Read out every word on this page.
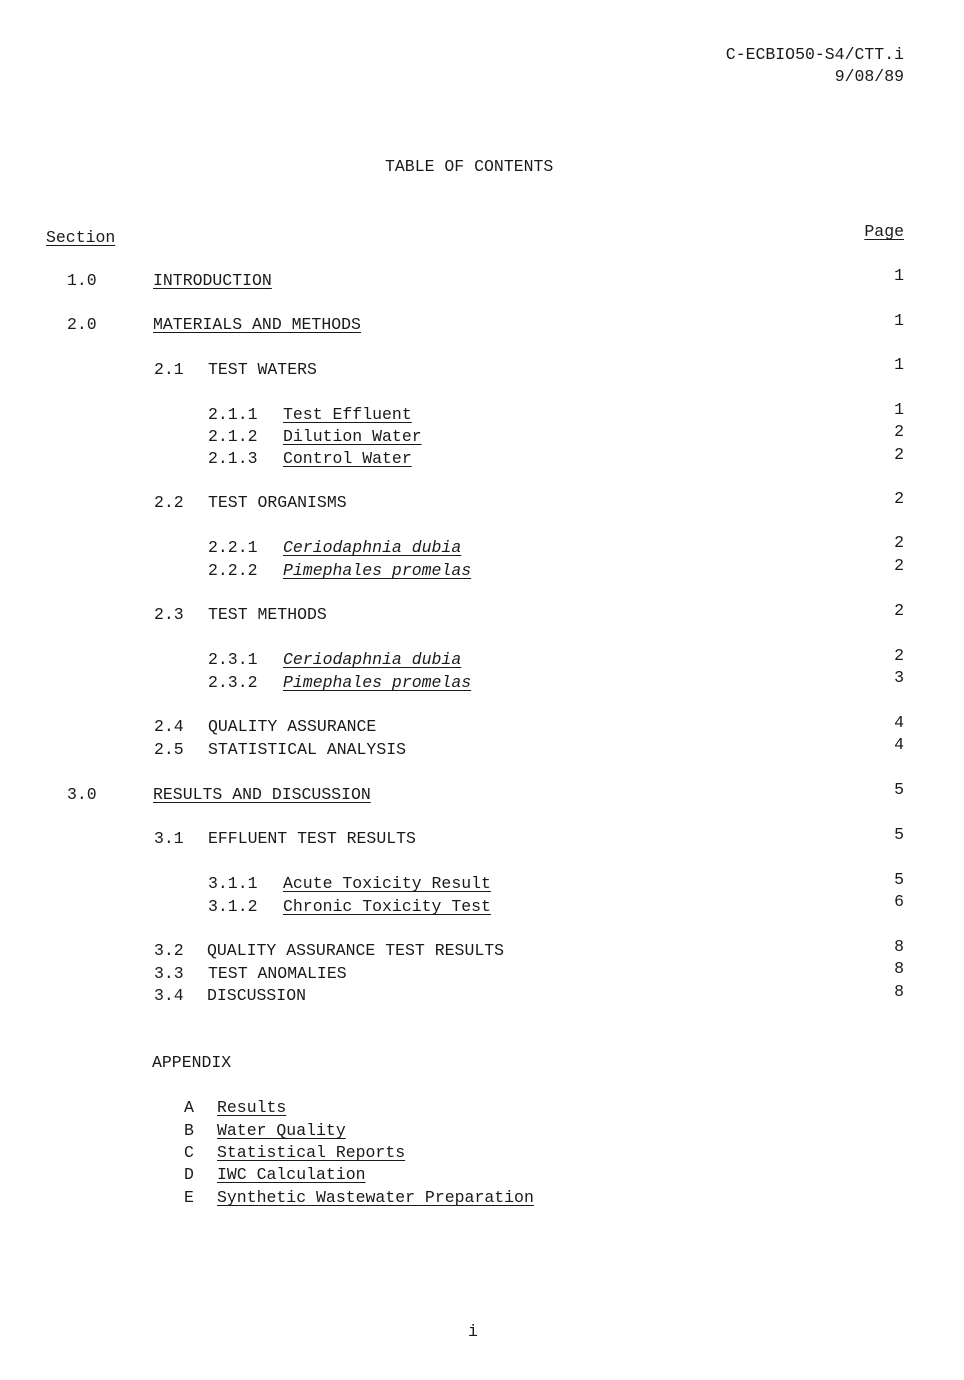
C-ECBIO50-S4/CTT.i
9/08/89
TABLE OF CONTENTS
Section	Page
1.0	INTRODUCTION	1
2.0	MATERIALS AND METHODS	1
2.1 TEST WATERS	1
2.1.1 Test Effluent	1
2.1.2 Dilution Water	2
2.1.3 Control Water	2
2.2 TEST ORGANISMS	2
2.2.1 Ceriodaphnia dubia	2
2.2.2 Pimephales promelas	2
2.3 TEST METHODS	2
2.3.1 Ceriodaphnia dubia	2
2.3.2 Pimephales promelas	3
2.4 QUALITY ASSURANCE	4
2.5 STATISTICAL ANALYSIS	4
3.0	RESULTS AND DISCUSSION	5
3.1 EFFLUENT TEST RESULTS	5
3.1.1 Acute Toxicity Result	5
3.1.2 Chronic Toxicity Test	6
3.2 QUALITY ASSURANCE TEST RESULTS	8
3.3 TEST ANOMALIES	8
3.4 DISCUSSION	8
APPENDIX
A Results
B Water Quality
C Statistical Reports
D IWC Calculation
E Synthetic Wastewater Preparation
i
